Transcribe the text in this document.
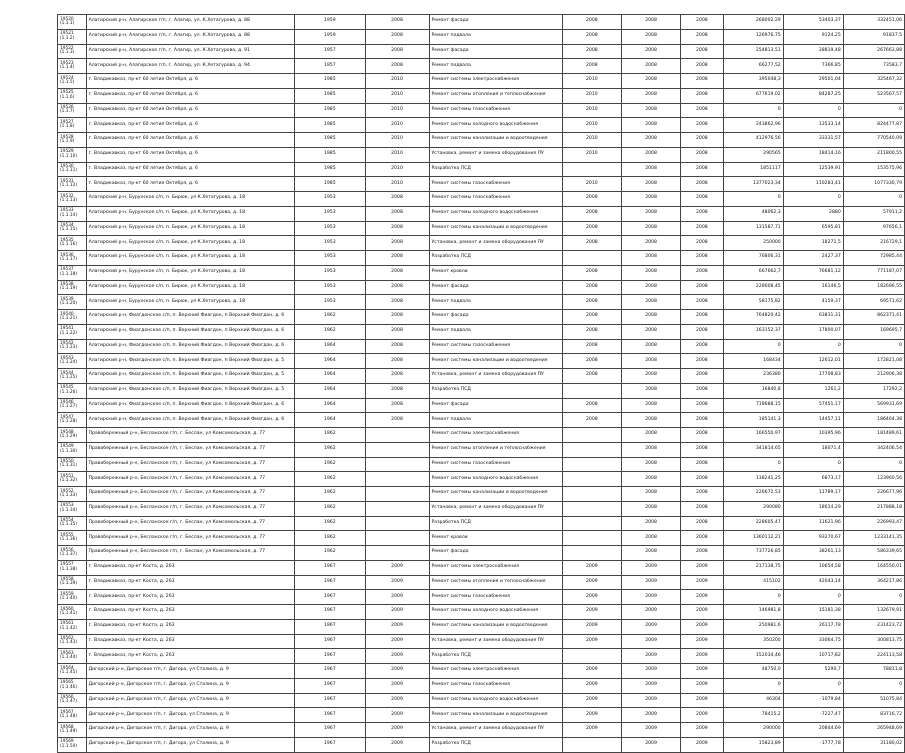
19520 (1.1.1)	Алагирский р-н, Алагирское г/п, г. Алагир, ул. К.Хетагурова, д. 88	1959	2008	Ремонт фасада	2008	2008	2008	268002,29	53403,37	332451,06
19521 (1.1.2)	Алагирский р-н, Алагирское г/п, г. Алагир, ул. К.Хетагурова, д. 88	1959	2008	Ремонт подвала	2008	2008	2008	126976,75	9124,25	91837,5
19522 (1.1.3)	Алагирский р-н, Алагирское г/п, г. Алагир, ул. К.Хетагурова, д. 91	1957	2008	Ремонт фасада	2008	2008	2008	254813,51	28819,48	267663,88
19523 (1.1.4)	Алагирский р-н, Алагирское г/п, г. Алагир, ул. К.Хетагурова, д. 94	1957	2008	Ремонт подвала	2008	2008	2008	66277,52	7366,85	73583,7
19524 (1.1.5)	г. Владикавказ, пр-кт 60 летия Октября, д. 6	1985	2010	Ремонт системы электроснабжения	2010	2008	2008	395048,3	29501,04	325467,32
19525 (1.1.6)	г. Владикавказ, пр-кт 60 летия Октября, д. 6	1985	2010	Ремонт системы отопления и теплоснабжения	2010	2008	2008	677619,02	84287,25	523567,57
19526 (1.1.7)	г. Владикавказ, пр-кт 60 летия Октября, д. 6	1985	2010	Ремонт системы газоснабжения	2010	2008	2008	0	0	0
19527 (1.1.8)	г. Владикавказ, пр-кт 60 летия Октября, д. 6	1985	2010	Ремонт системы холодного водоснабжения	2010	2008	2008	243862,96	13533,14	824477,87
19528 (1.1.9)	г. Владикавказ, пр-кт 60 летия Октября, д. 6	1985	2010	Ремонт системы канализации и водоотведения	2010	2008	2008	412976,56	33331,57	770540,09
19529 (1.1.10)	г. Владикавказ, пр-кт 60 летия Октября, д. 6	1985	2010	Установка, ремонт и замена оборудования ПУ	2010	2008	2008	290565	18414,16	211800,55
19530 (1.1.11)	г. Владикавказ, пр-кт 60 летия Октября, д. 6	1985	2010	Разработка ПСД		2008	2008	1851117	12539,91	153575,96
19531 (1.1.12)	г. Владикавказ, пр-кт 60 летия Октября, д. 6	1985	2010	Ремонт системы газоснабжения	2010	2008	2008	1377023,34	110283,41	1077330,79
19532 (1.1.13)	Алагирский р-н, Бурунское с/п, п. Бирюк, ул К.Хетагурова, д. 18	1953	2008	Ремонт системы газоснабжения	2008	2008	2008	0	0	0
19533 (1.1.14)	Алагирский р-н, Бурунское с/п, п. Бирюк, ул К.Хетагурова, д. 18	1953	2008	Ремонт системы холодного водоснабжения	2008	2008	2008	48062,3	2880	57911,2
19534 (1.1.15)	Алагирский р-н, Бурунское с/п, п. Бирюк, ул К.Хетагурова, д. 18	1953	2008	Ремонт системы канализации и водоотведения	2008	2008	2008	131587,71	6595,81	97656,1
19535 (1.1.16)	Алагирский р-н, Бурунское с/п, п. Бирюк, ул К.Хетагурова, д. 18	1953	2008	Установка, ремонт и замена оборудования ПУ	2008	2008	2008	250000	18271,5	216729,1
19536 (1.1.17)	Алагирский р-н, Бурунское с/п, п. Бирюк, ул К.Хетагурова, д. 18	1953	2008	Разработка ПСД		2008	2008	76806,31	2427,37	72985,44
19537 (1.1.18)	Алагирский р-н, Бурунское с/п, п. Бирюк, ул К.Хетагурова, д. 18	1953	2008	Ремонт кровли	2008	2008	2008	667662,7	76681,12	771187,07
19538 (1.1.19)	Алагирский р-н, Бурунское с/п, п. Бирюк, ул К.Хетагурова, д. 18	1953	2008	Ремонт фасада	2008	2008	2008	228008,45	16146,5	182696,55
19539 (1.1.20)	Алагирский р-н, Бурунское с/п, п. Бирюк, ул К.Хетагурова, д. 18	1953	2008	Ремонт подвала	2008	2008	2008	58175,82	4159,37	69571,62
19540 (1.1.21)	Алагирский р-н, Фиагдонское с/п, п. Верхний Фиагдон, п Верхний Фиагдон, д. 6	1962	2008	Ремонт фасада	2008	2008	2008	764820,42	63831,31	862371,41
19541 (1.1.22)	Алагирский р-н, Фиагдонское с/п, п. Верхний Фиагдон, п Верхний Фиагдон, д. 6	1962	2008	Ремонт подвала	2008	2008	2008	163152,37	17800,07	169695,7
19542 (1.1.23)	Алагирский р-н, Фиагдонское с/п, п. Верхний Фиагдон, п Верхний Фиагдон, д. 6	1964	2008	Ремонт системы газоснабжения	2008	2008	2008	0	0	0
19543 (1.1.24)	Алагирский р-н, Фиагдонское с/п, п. Верхний Фиагдон, п Верхний Фиагдон, д. 5	1964	2008	Ремонт системы канализации и водоотведения	2008	2008	2008	168434	12612,01	172821,08
19544 (1.1.25)	Алагирский р-н, Фиагдонское с/п, п. Верхний Фиагдон, п Верхний Фиагдон, д. 5	1964	2008	Установка, ремонт и замена оборудования ПУ	2008	2008	2008	236380	17708,83	212906,38
19545 (1.1.26)	Алагирский р-н, Фиагдонское с/п, п. Верхний Фиагдон, п Верхний Фиагдон, д. 5	1964	2008	Разработка ПСД		2008	2008	16840,8	1261,2	17292,2
19546 (1.1.27)	Алагирский р-н, Фиагдонское с/п, п. Верхний Фиагдон, п Верхний Фиагдон, д. 6	1964	2008	Ремонт фасада	2008	2008	2008	718688,15	57451,17	569931,69
19547 (1.1.28)	Алагирский р-н, Фиагдонское с/п, п. Верхний Фиагдон, п Верхний Фиагдон, д. 6	1964	2008	Ремонт подвала	2008	2008	2008	185141,3	14457,11	186464,38
19548 (1.1.29)	Правобережный р-н, Бесланское г/п, г. Беслан, ул Комсомольская, д. 77	1962		Ремонт системы электроснабжения		2008	2008	166550,97	10395,96	181489,61
19549 (1.1.30)	Правобережный р-н, Бесланское г/п, г. Беслан, ул Комсомольская, д. 77	1962		Ремонт системы отопления и теплоснабжения		2008	2008	341814,65	18071,4	342406,54
19550 (1.1.31)	Правобережный р-н, Бесланское г/п, г. Беслан, ул Комсомольская, д. 77	1962		Ремонт системы газоснабжения		2008	2008	0	0	0
19551 (1.1.32)	Правобережный р-н, Бесланское г/п, г. Беслан, ул Комсомольская, д. 77	1962		Ремонт системы холодного водоснабжения		2008	2008	138241,25	6873,17	123960,56
19552 (1.1.33)	Правобережный р-н, Бесланское г/п, г. Беслан, ул Комсомольская, д. 77	1962		Ремонт системы канализации и водоотведения		2008	2008	226672,53	11789,17	226677,96
19553 (1.1.34)	Правобережный р-н, Бесланское г/п, г. Беслан, ул Комсомольская, д. 77	1962		Установка, ремонт и замена оборудования ПУ		2008	2008	290080	18014,29	217888,18
19554 (1.1.35)	Правобережный р-н, Бесланское г/п, г. Беслан, ул Комсомольская, д. 77	1962		Разработка ПСД		2008	2008	228605,47	11621,96	226993,47
19555 (1.1.36)	Правобережный р-н, Бесланское г/п, г. Беслан, ул Комсомольская, д. 77	1962		Ремонт кровли		2008	2008	1360112,21	93270,67	1233141,35
19556 (1.1.37)	Правобережный р-н, Бесланское г/п, г. Беслан, ул Комсомольская, д. 77	1962		Ремонт фасада		2008	2008	737726,85	38261,13	586339,65
19557 (1.1.38)	г. Владикавказ, пр-кт Коста, д. 263	1967	2009	Ремонт системы электроснабжения	2009	2009	2009	217138,75	10654,58	164550,01
19558 (1.1.39)	г. Владикавказ, пр-кт Коста, д. 263	1967	2009	Ремонт системы отопления и теплоснабжения	2009	2009	2009	415102	42043,14	364217,86
19559 (1.1.40)	г. Владикавказ, пр-кт Коста, д. 263	1967	2009	Ремонт системы газоснабжения	2009	2009	2009	0	0	0
19560 (1.1.41)	г. Владикавказ, пр-кт Коста, д. 263	1967	2009	Ремонт системы холодного водоснабжения	2009	2009	2009	146981,8	15181,38	132679,91
19561 (1.1.42)	г. Владикавказ, пр-кт Коста, д. 263	1967	2009	Ремонт системы канализации и водоотведения	2009	2009	2009	250981,6	26117,78	231423,72
19562 (1.1.43)	г. Владикавказ, пр-кт Коста, д. 263	1967	2009	Установка, ремонт и замена оборудования ПУ	2009	2009	2009	350200	33064,75	300813,75
19563 (1.1.44)	г. Владикавказ, пр-кт Коста, д. 263	1967	2009	Разработка ПСД		2009	2009	152034,46	10717,82	224113,58
19564 (1.1.45)	Дигорский р-н, Дигорское г/п, г. Дигора, ул Сталина, д. 9	1967	2009	Ремонт системы электроснабжения	2009	2009	2009	48750,0	5290,7	78811,8
19565 (1.1.46)	Дигорский р-н, Дигорское г/п, г. Дигора, ул Сталина, д. 9	1967	2009	Ремонт системы газоснабжения	2009	2009	2009	0	0	0
19566 (1.1.47)	Дигорский р-н, Дигорское г/п, г. Дигора, ул Сталина, д. 9	1967	2009	Ремонт системы холодного водоснабжения	2009	2009	2009	46304	-1079,84	51075,84
19567 (1.1.48)	Дигорский р-н, Дигорское г/п, г. Дигора, ул Сталина, д. 9	1967	2009	Ремонт системы канализации и водоотведения	2009	2009	2009	78415,2	-7227,47	83716,72
19568 (1.1.49)	Дигорский р-н, Дигорское г/п, г. Дигора, ул Сталина, д. 9	1967	2009	Установка, ремонт и замена оборудования ПУ	2009	2009	2009	290000	20844,69	265948,69
19569 (1.1.50)	Дигорский р-н, Дигорское г/п, г. Дигора, ул Сталина, д. 9	1967	2009	Разработка ПСД		2009	2009	15823,89	-1777,78	31180,02
